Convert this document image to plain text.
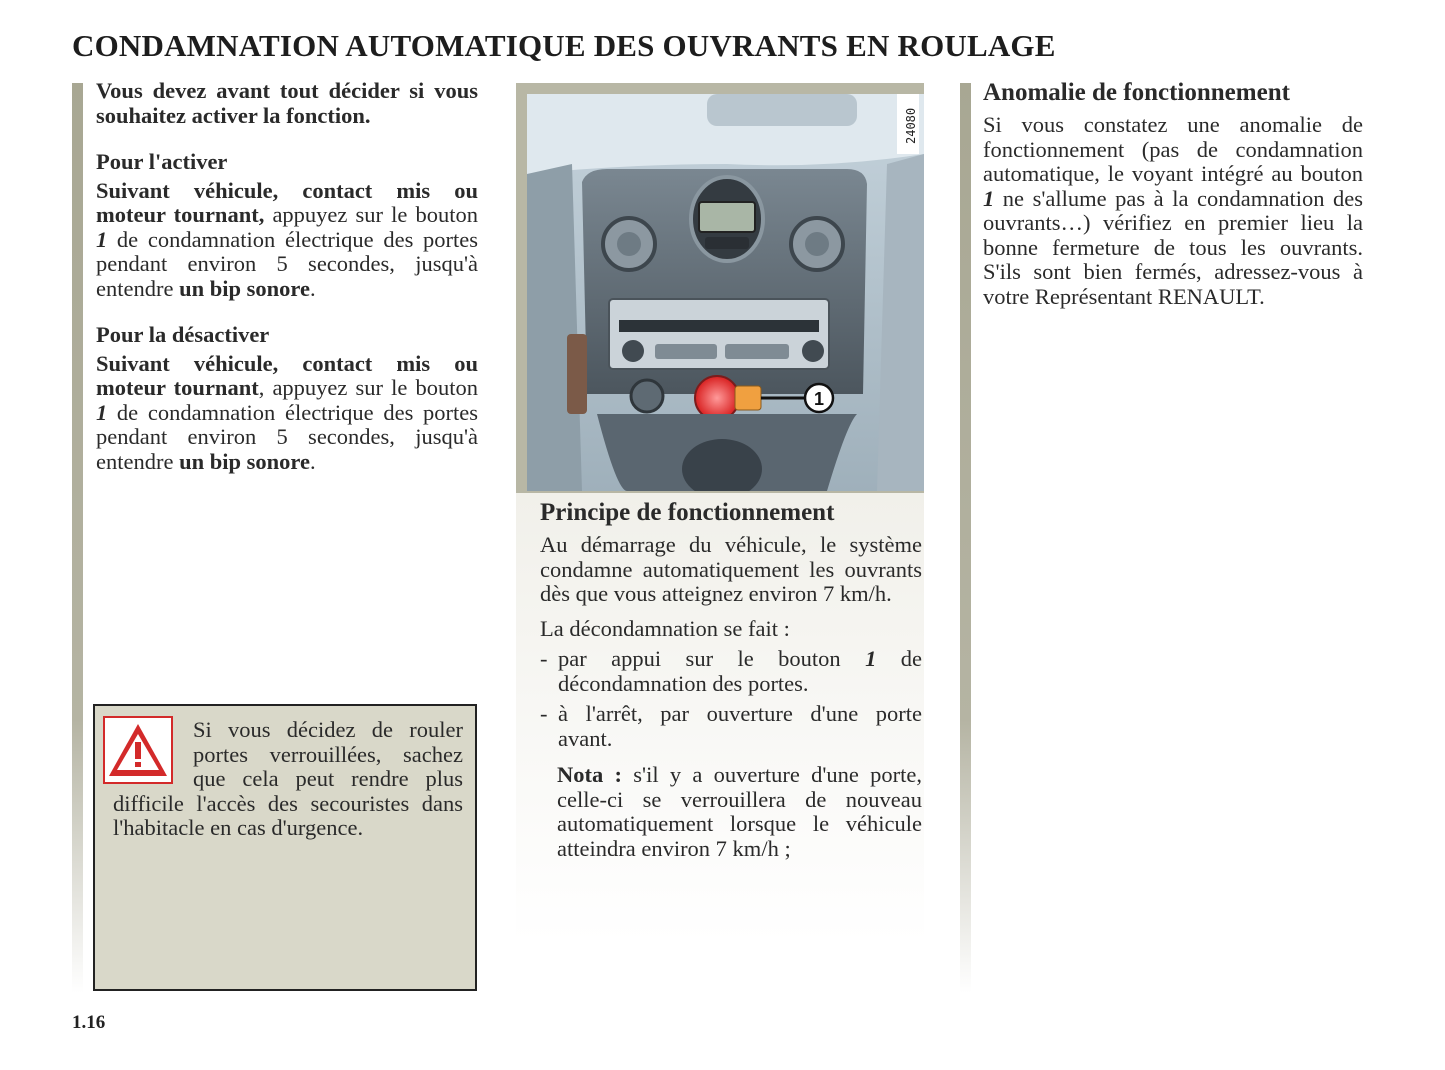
CONDAMNATION AUTOMATIQUE DES OUVRANTS EN ROULAGE

Vous devez avant tout décider si vous souhaitez activer la fonction.

Pour l'activer

Suivant véhicule, contact mis ou moteur tournant, appuyez sur le bouton 1 de condamnation électrique des portes pendant environ 5 secondes, jusqu'à entendre un bip sonore.

Pour la désactiver

Suivant véhicule, contact mis ou moteur tournant, appuyez sur le bouton 1 de condamnation électrique des portes pendant environ 5 secondes, jusqu'à entendre un bip sonore.

Si vous décidez de rouler portes verrouillées, sachez que cela peut rendre plus difficile l'accès des secouristes dans l'habitacle en cas d'urgence.
24080
1

Principe de fonctionnement

Au démarrage du véhicule, le système condamne automatiquement les ouvrants dès que vous atteignez environ 7 km/h.

La décondamnation se fait :

- par appui sur le bouton 1 de décondamnation des portes.

- à l'arrêt, par ouverture d'une porte avant.

Nota : s'il y a ouverture d'une porte, celle-ci se verrouillera de nouveau automatiquement lorsque le véhicule atteindra environ 7 km/h ;

Anomalie de fonctionnement

Si vous constatez une anomalie de fonctionnement (pas de condamnation automatique, le voyant intégré au bouton 1 ne s'allume pas à la condamnation des ouvrants…) vérifiez en premier lieu la bonne fermeture de tous les ouvrants. S'ils sont bien fermés, adressez-vous à votre Représentant RENAULT.

1.16
